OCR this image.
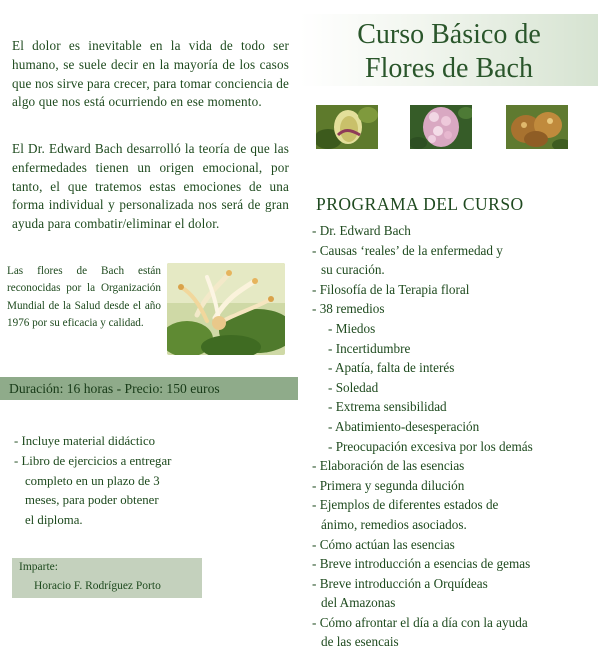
El dolor es inevitable en la vida de todo ser humano, se suele decir en la mayoría de los casos que nos sirve para crecer, para tomar conciencia de algo que nos está ocurriendo en ese momento.
El Dr. Edward Bach desarrolló la teoría de que las enfermedades tienen un origen emocional, por tanto, el que tratemos estas emociones de una forma individual y personalizada nos será de gran ayuda para combatir/eliminar el dolor.
Las flores de Bach están reconocidas por la Organización Mundial de la Salud desde el año 1976 por su eficacia y calidad.
Duración: 16 horas - Precio: 150 euros
- Incluye material didáctico
- Libro de ejercicios a entregar
completo en un plazo de 3
meses, para poder obtener
el diploma.
Imparte:
Horacio F. Rodríguez Porto
Curso Básico de
Flores de Bach
PROGRAMA DEL CURSO
- Dr. Edward Bach
- Causas ‘reales’ de la enfermedad y
su curación.
- Filosofía de la Terapia floral
- 38 remedios
- Miedos
- Incertidumbre
- Apatía, falta de interés
- Soledad
- Extrema sensibilidad
- Abatimiento-desesperación
- Preocupación excesiva por los demás
- Elaboración de las esencias
- Primera y segunda dilución
- Ejemplos de diferentes estados de
ánimo, remedios asociados.
- Cómo actúan las esencias
- Breve introducción a esencias de gemas
- Breve introducción a Orquídeas
del Amazonas
- Cómo afrontar el día a día con la ayuda
de las esencais
